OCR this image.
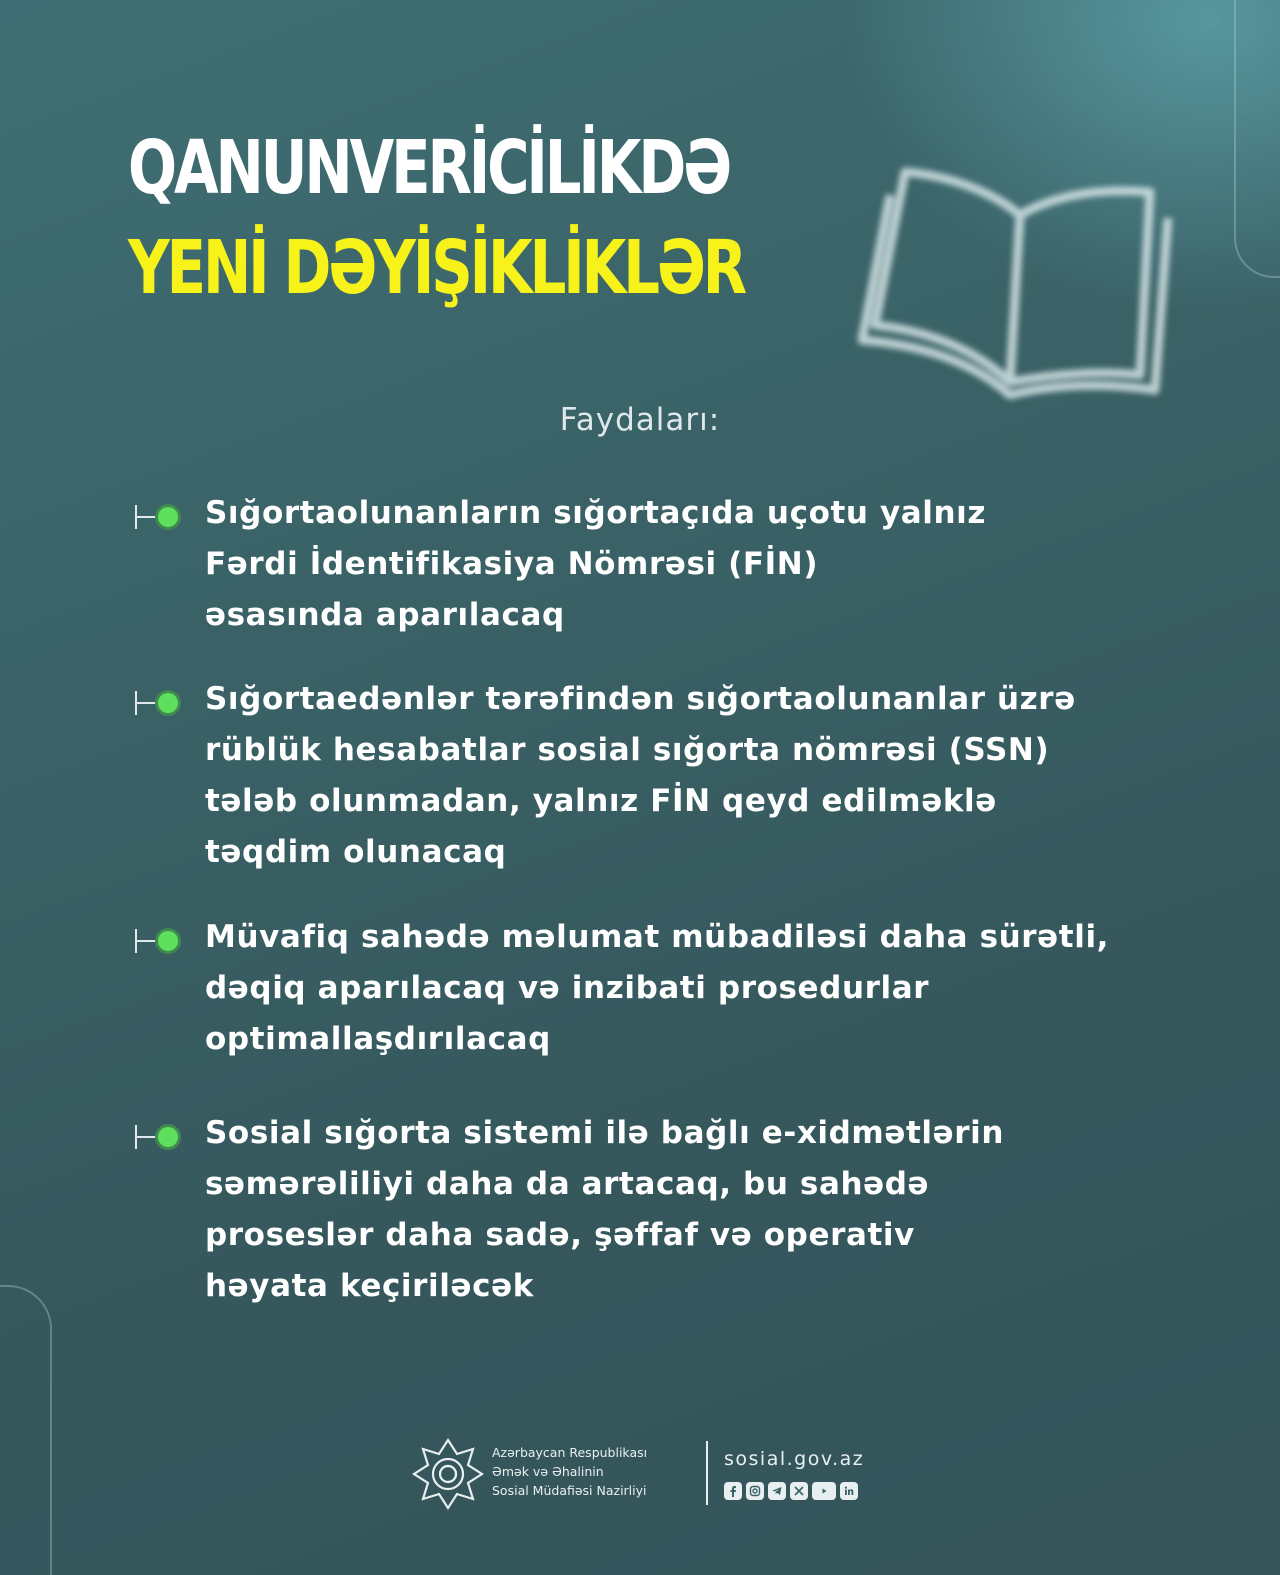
QANUNVERİCİLİKDƏ
YENİ DƏYİŞİKLİKLƏR
Faydaları:
Sığortaolunanların sığortaçıda uçotu yalnız
Fərdi İdentifikasiya Nömrəsi (FİN)
əsasında aparılacaq
Sığortaedənlər tərəfindən sığortaolunanlar üzrə
rüblük hesabatlar sosial sığorta nömrəsi (SSN)
tələb olunmadan, yalnız FİN qeyd edilməklə
təqdim olunacaq
Müvafiq sahədə məlumat mübadiləsi daha sürətli,
dəqiq aparılacaq və inzibati prosedurlar
optimallaşdırılacaq
Sosial sığorta sistemi ilə bağlı e-xidmətlərin
səmərəliliyi daha da artacaq, bu sahədə
proseslər daha sadə, şəffaf və operativ
həyata keçiriləcək
Azərbaycan Respublikası
Əmək və Əhalinin
Sosial Müdafiəsi Nazirliyi
sosial.gov.az
